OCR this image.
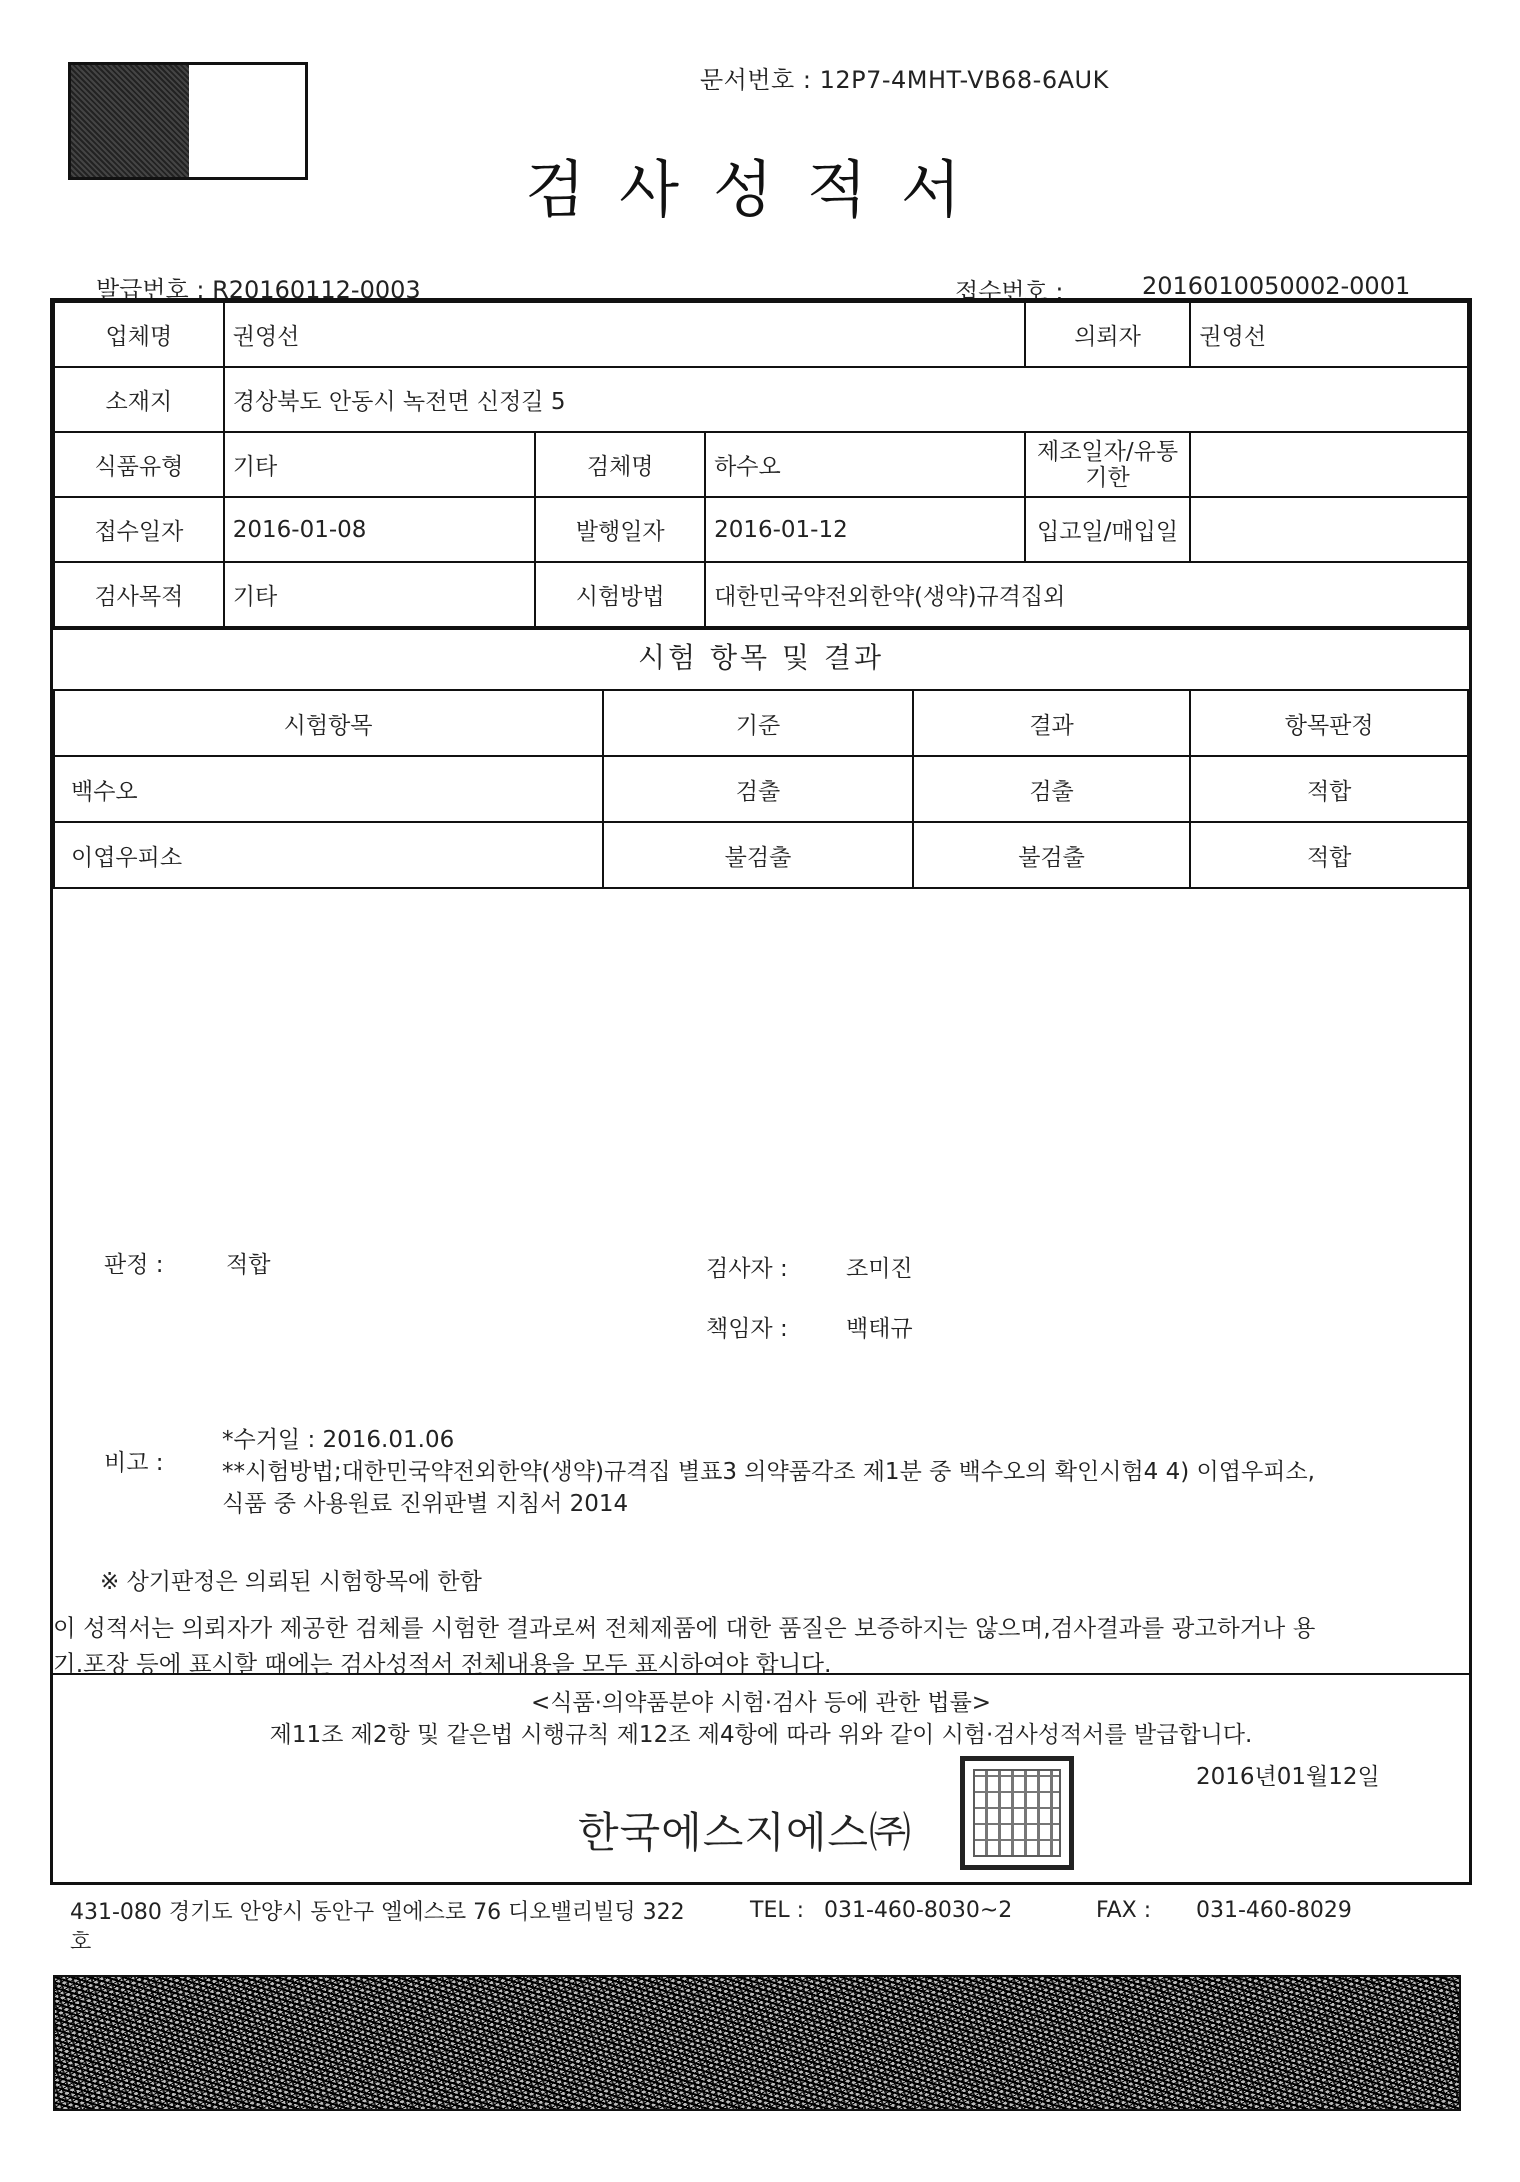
문서번호 : 12P7-4MHT-VB68-6AUK
검사성적서
발급번호 : R20160112-0003	접수번호 :	2016010050002-0001
업체명	권영선			의뢰자	권영선
소재지	경상북도 안동시 녹전면 신정길 5				
식품유형	기타	검체명	하수오	제조일자/유통기한	
접수일자	2016-01-08	발행일자	2016-01-12	입고일/매입일	
검사목적	기타	시험방법	대한민국약전외한약(생약)규격집외		
시험 항목 및 결과
시험항목	기준	결과	항목판정
백수오	검출	검출	적합
이엽우피소	불검출	불검출	적합
판정 :	적합	검사자 :	조미진
책임자 :	백태규
비고 :
*수거일 : 2016.01.06
**시험방법;대한민국약전외한약(생약)규격집 별표3 의약품각조 제1분 중 백수오의 확인시험4 4) 이엽우피소,
식품 중 사용원료 진위판별 지침서 2014
※ 상기판정은 의뢰된 시험항목에 한함
이 성적서는 의뢰자가 제공한 검체를 시험한 결과로써 전체제품에 대한 품질은 보증하지는 않으며,검사결과를 광고하거나 용
기.포장 등에 표시할 때에는 검사성적서 전체내용을 모두 표시하여야 합니다.
<식품·의약품분야 시험·검사 등에 관한 법률>
제11조 제2항 및 같은법 시행규칙 제12조 제4항에 따라 위와 같이 시험·검사성적서를 발급합니다.
2016년01월12일
한국에스지에스㈜
431-080 경기도 안양시 동안구 엘에스로 76 디오밸리빌딩 322 호
TEL : 031-460-8030~2	FAX : 031-460-8029
